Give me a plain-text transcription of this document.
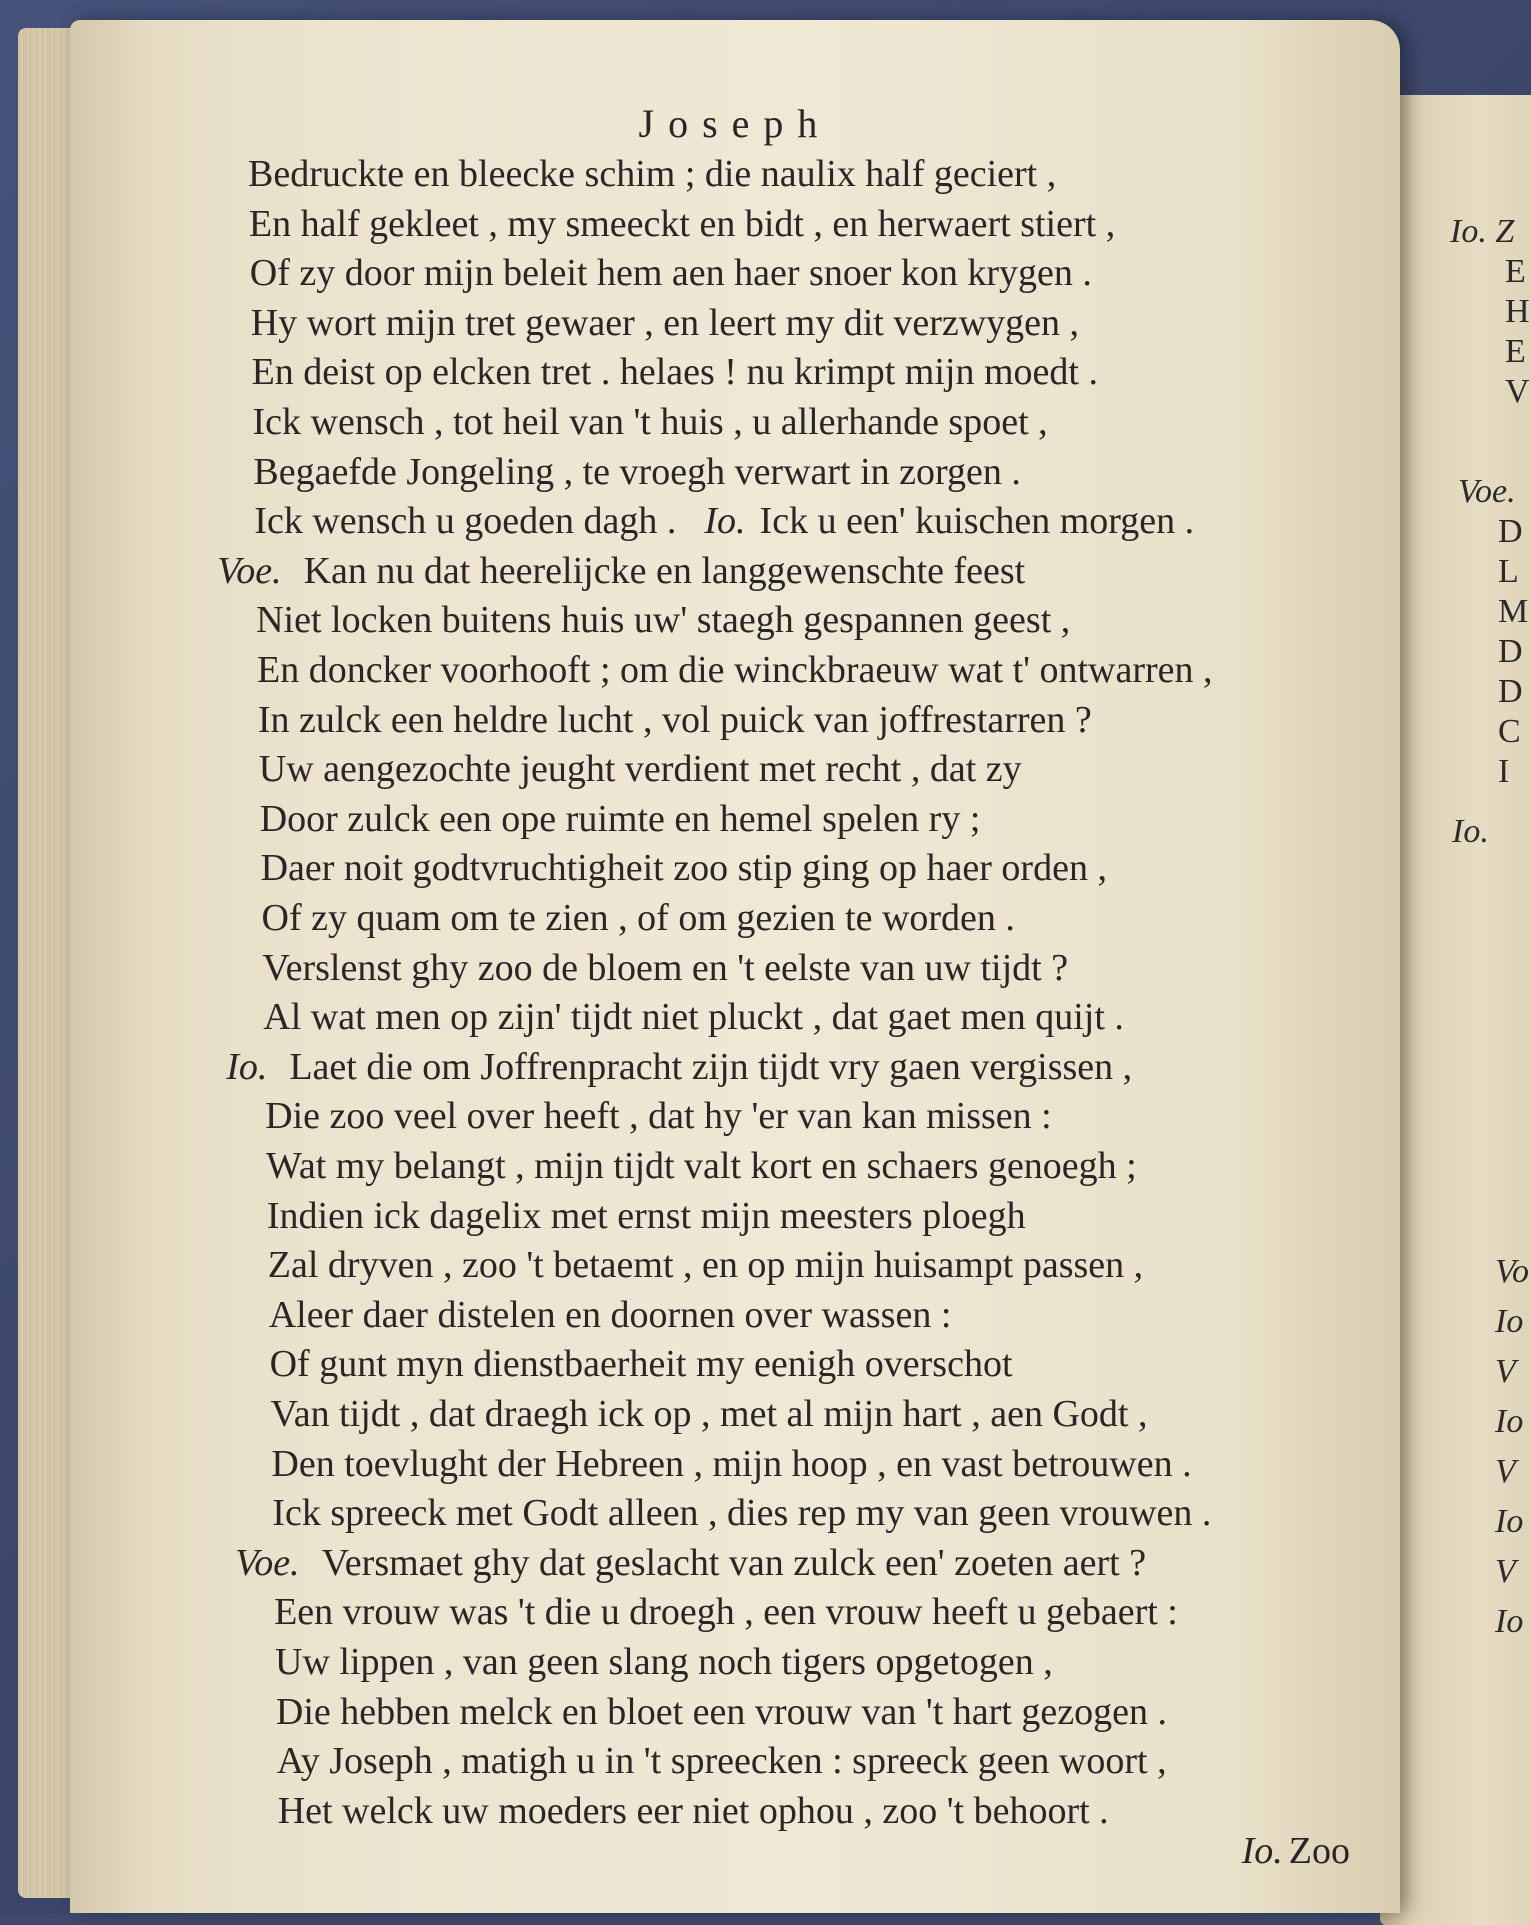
Io. Z
E
H
E
V
Voe.
D
L
M
D
D
C
I
Io.
Vo
Io
V
Io
V
Io
V
Io
Joseph
Bedruckte en bleecke schim ; die naulix half geciert ,
En half gekleet , my smeeckt en bidt , en herwaert stiert ,
Of zy door mijn beleit hem aen haer snoer kon krygen .
Hy wort mijn tret gewaer , en leert my dit verzwygen ,
En deist op elcken tret . helaes ! nu krimpt mijn moedt .
Ick wensch , tot heil van 't huis , u allerhande spoet ,
Begaefde Jongeling , te vroegh verwart in zorgen .
Ick wensch u goeden dagh . Io. Ick u een' kuischen morgen .
Voe. Kan nu dat heerelijcke en langgewenschte feest
Niet locken buitens huis uw' staegh gespannen geest ,
En doncker voorhooft ; om die winckbraeuw wat t' ontwarren ,
In zulck een heldre lucht , vol puick van joffrestarren ?
Uw aengezochte jeught verdient met recht , dat zy
Door zulck een ope ruimte en hemel spelen ry ;
Daer noit godtvruchtigheit zoo stip ging op haer orden ,
Of zy quam om te zien , of om gezien te worden .
Verslenst ghy zoo de bloem en 't eelste van uw tijdt ?
Al wat men op zijn' tijdt niet pluckt , dat gaet men quijt .
Io. Laet die om Joffrenpracht zijn tijdt vry gaen vergissen ,
Die zoo veel over heeft , dat hy 'er van kan missen :
Wat my belangt , mijn tijdt valt kort en schaers genoegh ;
Indien ick dagelix met ernst mijn meesters ploegh
Zal dryven , zoo 't betaemt , en op mijn huisampt passen ,
Aleer daer distelen en doornen over wassen :
Of gunt myn dienstbaerheit my eenigh overschot
Van tijdt , dat draegh ick op , met al mijn hart , aen Godt ,
Den toevlught der Hebreen , mijn hoop , en vast betrouwen .
Ick spreeck met Godt alleen , dies rep my van geen vrouwen .
Voe. Versmaet ghy dat geslacht van zulck een' zoeten aert ?
Een vrouw was 't die u droegh , een vrouw heeft u gebaert :
Uw lippen , van geen slang noch tigers opgetogen ,
Die hebben melck en bloet een vrouw van 't hart gezogen .
Ay Joseph , matigh u in 't spreecken : spreeck geen woort ,
Het welck uw moeders eer niet ophou , zoo 't behoort .
Io. Zoo
